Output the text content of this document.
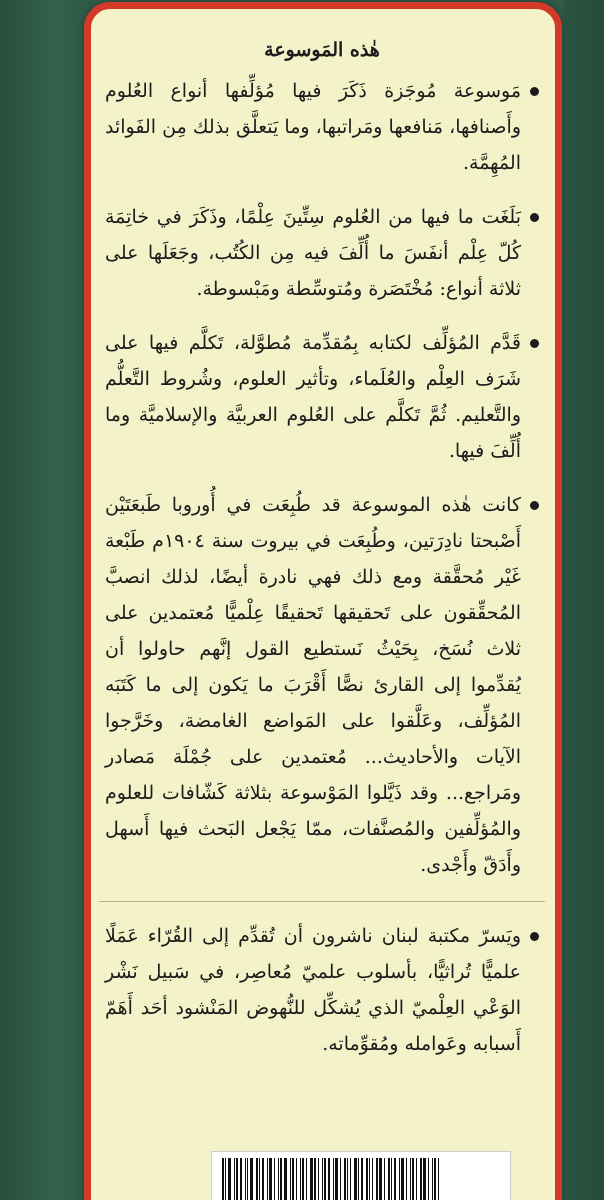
هٰذه المَوسوعة
مَوسوعة مُوجَزة ذَكَرَ فيها مُؤلِّفها أنواع العُلوم وأَصنافها، مَنافعها ومَراتبها، وما يَتعلَّق بذلك مِن الفَوائد المُهِمَّة.
بَلَغَت ما فيها من العُلوم سِتِّينَ عِلْمًا، وذَكَرَ في خاتِمَة كُلّ عِلْم أنفَسَ ما أُلِّفَ فيه مِن الكُتُب، وجَعَلَها على ثلاثة أنواع: مُخْتَصَرة ومُتوسِّطة ومَبْسوطة.
قَدَّم المُؤلِّف لكتابه بِمُقدِّمة مُطوَّلة، تَكلَّم فيها على شَرَف العِلْم والعُلَماء، وتأثير العلوم، وشُروط التَّعلُّم والتَّعليم. ثُمَّ تَكلَّم على العُلوم العربيَّة والإسلاميَّة وما أُلِّفَ فيها.
كانت هٰذه الموسوعة قد طُبِعَت في أُوروبا طَبعَتَيْن أَصْبحتا نادِرَتين، وطُبِعَت في بيروت سنة ١٩٠٤م طَبْعة غَيْر مُحقَّقة ومع ذلك فهي نادرة أيضًا، لذلك انصبَّ المُحقِّقون على تَحقيقها تَحقيقًا عِلْميًّا مُعتمدين على ثلاث نُسَخ، بِحَيْثُ نَستطيع القول إنَّهم حاولوا أن يُقدِّموا إلى القارئ نصًّا أَقْرَبَ ما يَكون إلى ما كَتَبَه المُؤلِّف، وعَلَّقوا على المَواضع الغامضة، وخَرَّجوا الآيات والأحاديث... مُعتمدين على جُمْلَة مَصادر ومَراجع... وقد ذَيَّلوا المَوْسوعة بثلاثة كَشّافات للعلوم والمُؤلِّفين والمُصنَّفات، ممّا يَجْعل البَحث فيها أَسهل وأَدَقّ وأَجْدى.
ويَسرّ مكتبة لبنان ناشرون أن تُقدِّم إلى القُرّاء عَمَلًا علميًّا تُراثيًّا، بأسلوب علميّ مُعاصِر، في سَبيل نَشْر الوَعْي العِلْميّ الذي يُشكِّل للنُّهوض المَنْشود أحَد أَهَمّ أَسبابه وعَوامله ومُقوِّماته.
